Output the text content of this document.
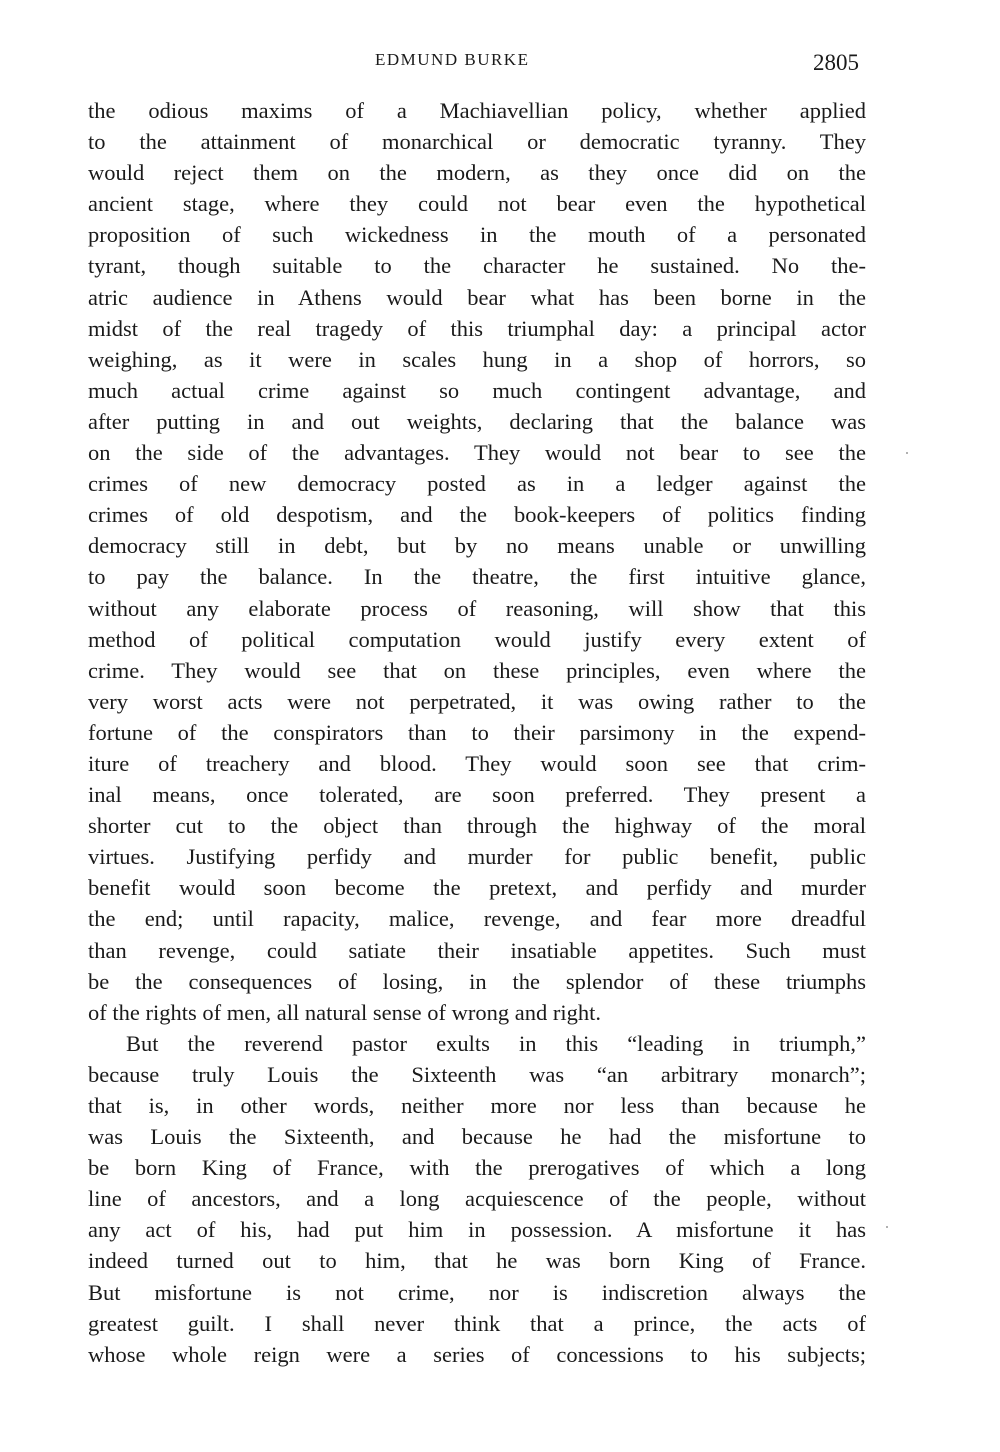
EDMUND BURKE	2805
the odious maxims of a Machiavellian policy, whether applied
to the attainment of monarchical or democratic tyranny. They
would reject them on the modern, as they once did on the
ancient stage, where they could not bear even the hypothetical
proposition of such wickedness in the mouth of a personated
tyrant, though suitable to the character he sustained. No the-
atric audience in Athens would bear what has been borne in the
midst of the real tragedy of this triumphal day: a principal actor
weighing, as it were in scales hung in a shop of horrors, so
much actual crime against so much contingent advantage, and
after putting in and out weights, declaring that the balance was
on the side of the advantages. They would not bear to see the
crimes of new democracy posted as in a ledger against the
crimes of old despotism, and the book-keepers of politics finding
democracy still in debt, but by no means unable or unwilling
to pay the balance. In the theatre, the first intuitive glance,
without any elaborate process of reasoning, will show that this
method of political computation would justify every extent of
crime. They would see that on these principles, even where the
very worst acts were not perpetrated, it was owing rather to the
fortune of the conspirators than to their parsimony in the expend-
iture of treachery and blood. They would soon see that crim-
inal means, once tolerated, are soon preferred. They present a
shorter cut to the object than through the highway of the moral
virtues. Justifying perfidy and murder for public benefit, public
benefit would soon become the pretext, and perfidy and murder
the end; until rapacity, malice, revenge, and fear more dreadful
than revenge, could satiate their insatiable appetites. Such must
be the consequences of losing, in the splendor of these triumphs
of the rights of men, all natural sense of wrong and right.
But the reverend pastor exults in this “leading in triumph,”
because truly Louis the Sixteenth was “an arbitrary monarch”;
that is, in other words, neither more nor less than because he
was Louis the Sixteenth, and because he had the misfortune to
be born King of France, with the prerogatives of which a long
line of ancestors, and a long acquiescence of the people, without
any act of his, had put him in possession. A misfortune it has
indeed turned out to him, that he was born King of France.
But misfortune is not crime, nor is indiscretion always the
greatest guilt. I shall never think that a prince, the acts of
whose whole reign were a series of concessions to his subjects;
